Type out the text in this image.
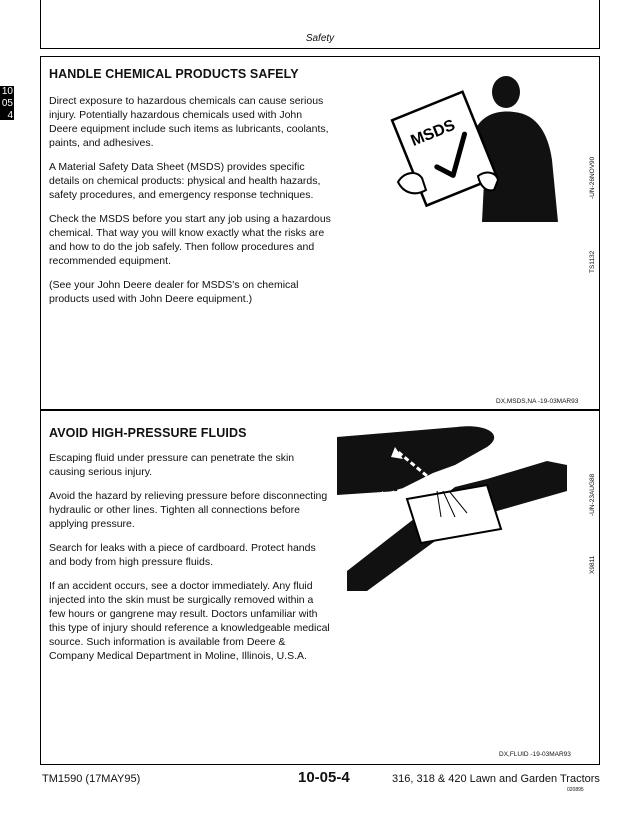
Safety
10
05
4
HANDLE CHEMICAL PRODUCTS SAFELY

Direct exposure to hazardous chemicals can cause serious injury. Potentially hazardous chemicals used with John Deere equipment include such items as lubricants, coolants, paints, and adhesives.

A Material Safety Data Sheet (MSDS) provides specific details on chemical products: physical and health hazards, safety procedures, and emergency response techniques.

Check the MSDS before you start any job using a hazardous chemical. That way you will know exactly what the risks are and how to do the job safely. Then follow procedures and recommended equipment.

(See your John Deere dealer for MSDS's on chemical products used with John Deere equipment.)

MSDS
-UN-26NOV90
TS1132
DX,MSDS,NA -19-03MAR93
AVOID HIGH-PRESSURE FLUIDS

Escaping fluid under pressure can penetrate the skin causing serious injury.

Avoid the hazard by relieving pressure before disconnecting hydraulic or other lines. Tighten all connections before applying pressure.

Search for leaks with a piece of cardboard. Protect hands and body from high pressure fluids.

If an accident occurs, see a doctor immediately. Any fluid injected into the skin must be surgically removed within a few hours or gangrene may result. Doctors unfamiliar with this type of injury should reference a knowledgeable medical source. Such information is available from Deere & Company Medical Department in Moline, Illinois, U.S.A.

-UN-23AUG88
X9811
DX,FLUID -19-03MAR93
TM1590 (17MAY95)	10-05-4	316, 318 & 420 Lawn and Garden Tractors
020895
